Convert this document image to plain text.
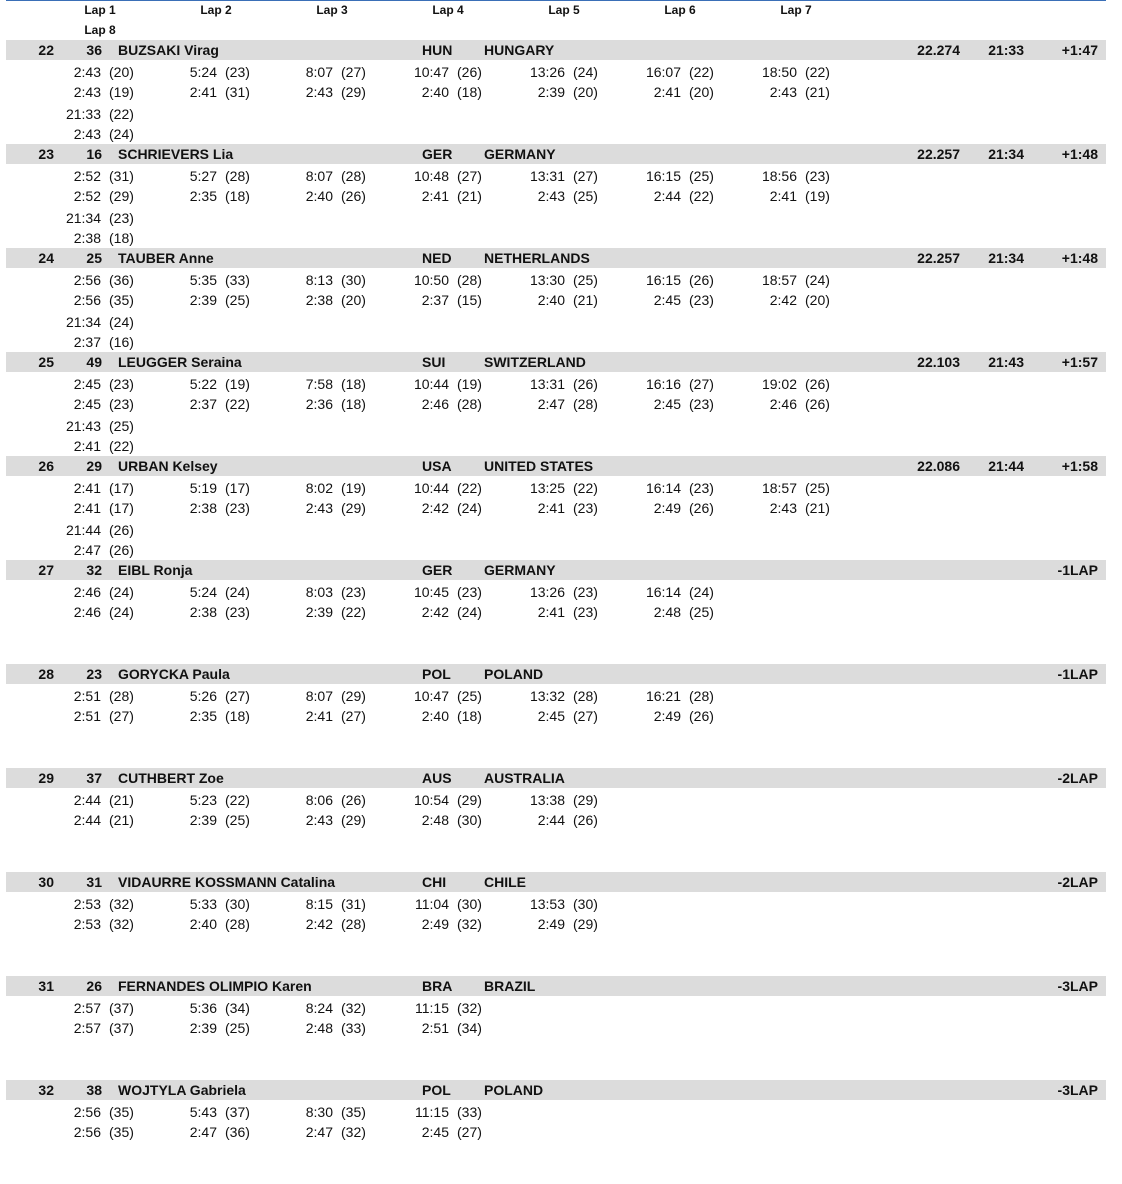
Lap 1	Lap 2	Lap 3	Lap 4	Lap 5	Lap 6	Lap 7
Lap 8
22 36 BUZSAKI Virag	HUN HUNGARY	22.274 21:33	+1:47
2:43 (20)	5:24 (23)	8:07 (27)	10:47 (26)	13:26 (24)	16:07 (22)	18:50 (22)
2:43 (19)	2:41 (31)	2:43 (29)	2:40 (18)	2:39 (20)	2:41 (20)	2:43 (21)
21:33 (22)
2:43 (24)
23 16 SCHRIEVERS Lia	GER GERMANY	22.257 21:34	+1:48
2:52 (31)	5:27 (28)	8:07 (28)	10:48 (27)	13:31 (27)	16:15 (25)	18:56 (23)
2:52 (29)	2:35 (18)	2:40 (26)	2:41 (21)	2:43 (25)	2:44 (22)	2:41 (19)
21:34 (23)
2:38 (18)
24 25 TAUBER Anne	NED NETHERLANDS	22.257 21:34	+1:48
2:56 (36)	5:35 (33)	8:13 (30)	10:50 (28)	13:30 (25)	16:15 (26)	18:57 (24)
2:56 (35)	2:39 (25)	2:38 (20)	2:37 (15)	2:40 (21)	2:45 (23)	2:42 (20)
21:34 (24)
2:37 (16)
25 49 LEUGGER Seraina	SUI	SWITZERLAND	22.103 21:43	+1:57
2:45 (23)	5:22 (19)	7:58 (18)	10:44 (19)	13:31 (26)	16:16 (27)	19:02 (26)
2:45 (23)	2:37 (22)	2:36 (18)	2:46 (28)	2:47 (28)	2:45 (23)	2:46 (26)
21:43 (25)
2:41 (22)
26 29 URBAN Kelsey	USA UNITED STATES	22.086 21:44	+1:58
2:41 (17)	5:19 (17)	8:02 (19)	10:44 (22)	13:25 (22)	16:14 (23)	18:57 (25)
2:41 (17)	2:38 (23)	2:43 (29)	2:42 (24)	2:41 (23)	2:49 (26)	2:43 (21)
21:44 (26)
2:47 (26)
27 32 EIBL Ronja	GER GERMANY	-1LAP
2:46 (24)	5:24 (24)	8:03 (23)	10:45 (23)	13:26 (23)	16:14 (24)
2:46 (24)	2:38 (23)	2:39 (22)	2:42 (24)	2:41 (23)	2:48 (25)
28 23 GORYCKA Paula	POL POLAND	-1LAP
2:51 (28)	5:26 (27)	8:07 (29)	10:47 (25)	13:32 (28)	16:21 (28)
2:51 (27)	2:35 (18)	2:41 (27)	2:40 (18)	2:45 (27)	2:49 (26)
29 37 CUTHBERT Zoe	AUS AUSTRALIA	-2LAP
2:44 (21)	5:23 (22)	8:06 (26)	10:54 (29)	13:38 (29)
2:44 (21)	2:39 (25)	2:43 (29)	2:48 (30)	2:44 (26)
30 31 VIDAURRE KOSSMANN Catalina	CHI	CHILE	-2LAP
2:53 (32)	5:33 (30)	8:15 (31)	11:04 (30)	13:53 (30)
2:53 (32)	2:40 (28)	2:42 (28)	2:49 (32)	2:49 (29)
31 26 FERNANDES OLIMPIO Karen	BRA BRAZIL	-3LAP
2:57 (37)	5:36 (34)	8:24 (32)	11:15 (32)
2:57 (37)	2:39 (25)	2:48 (33)	2:51 (34)
32 38 WOJTYLA Gabriela	POL POLAND	-3LAP
2:56 (35)	5:43 (37)	8:30 (35)	11:15 (33)
2:56 (35)	2:47 (36)	2:47 (32)	2:45 (27)
